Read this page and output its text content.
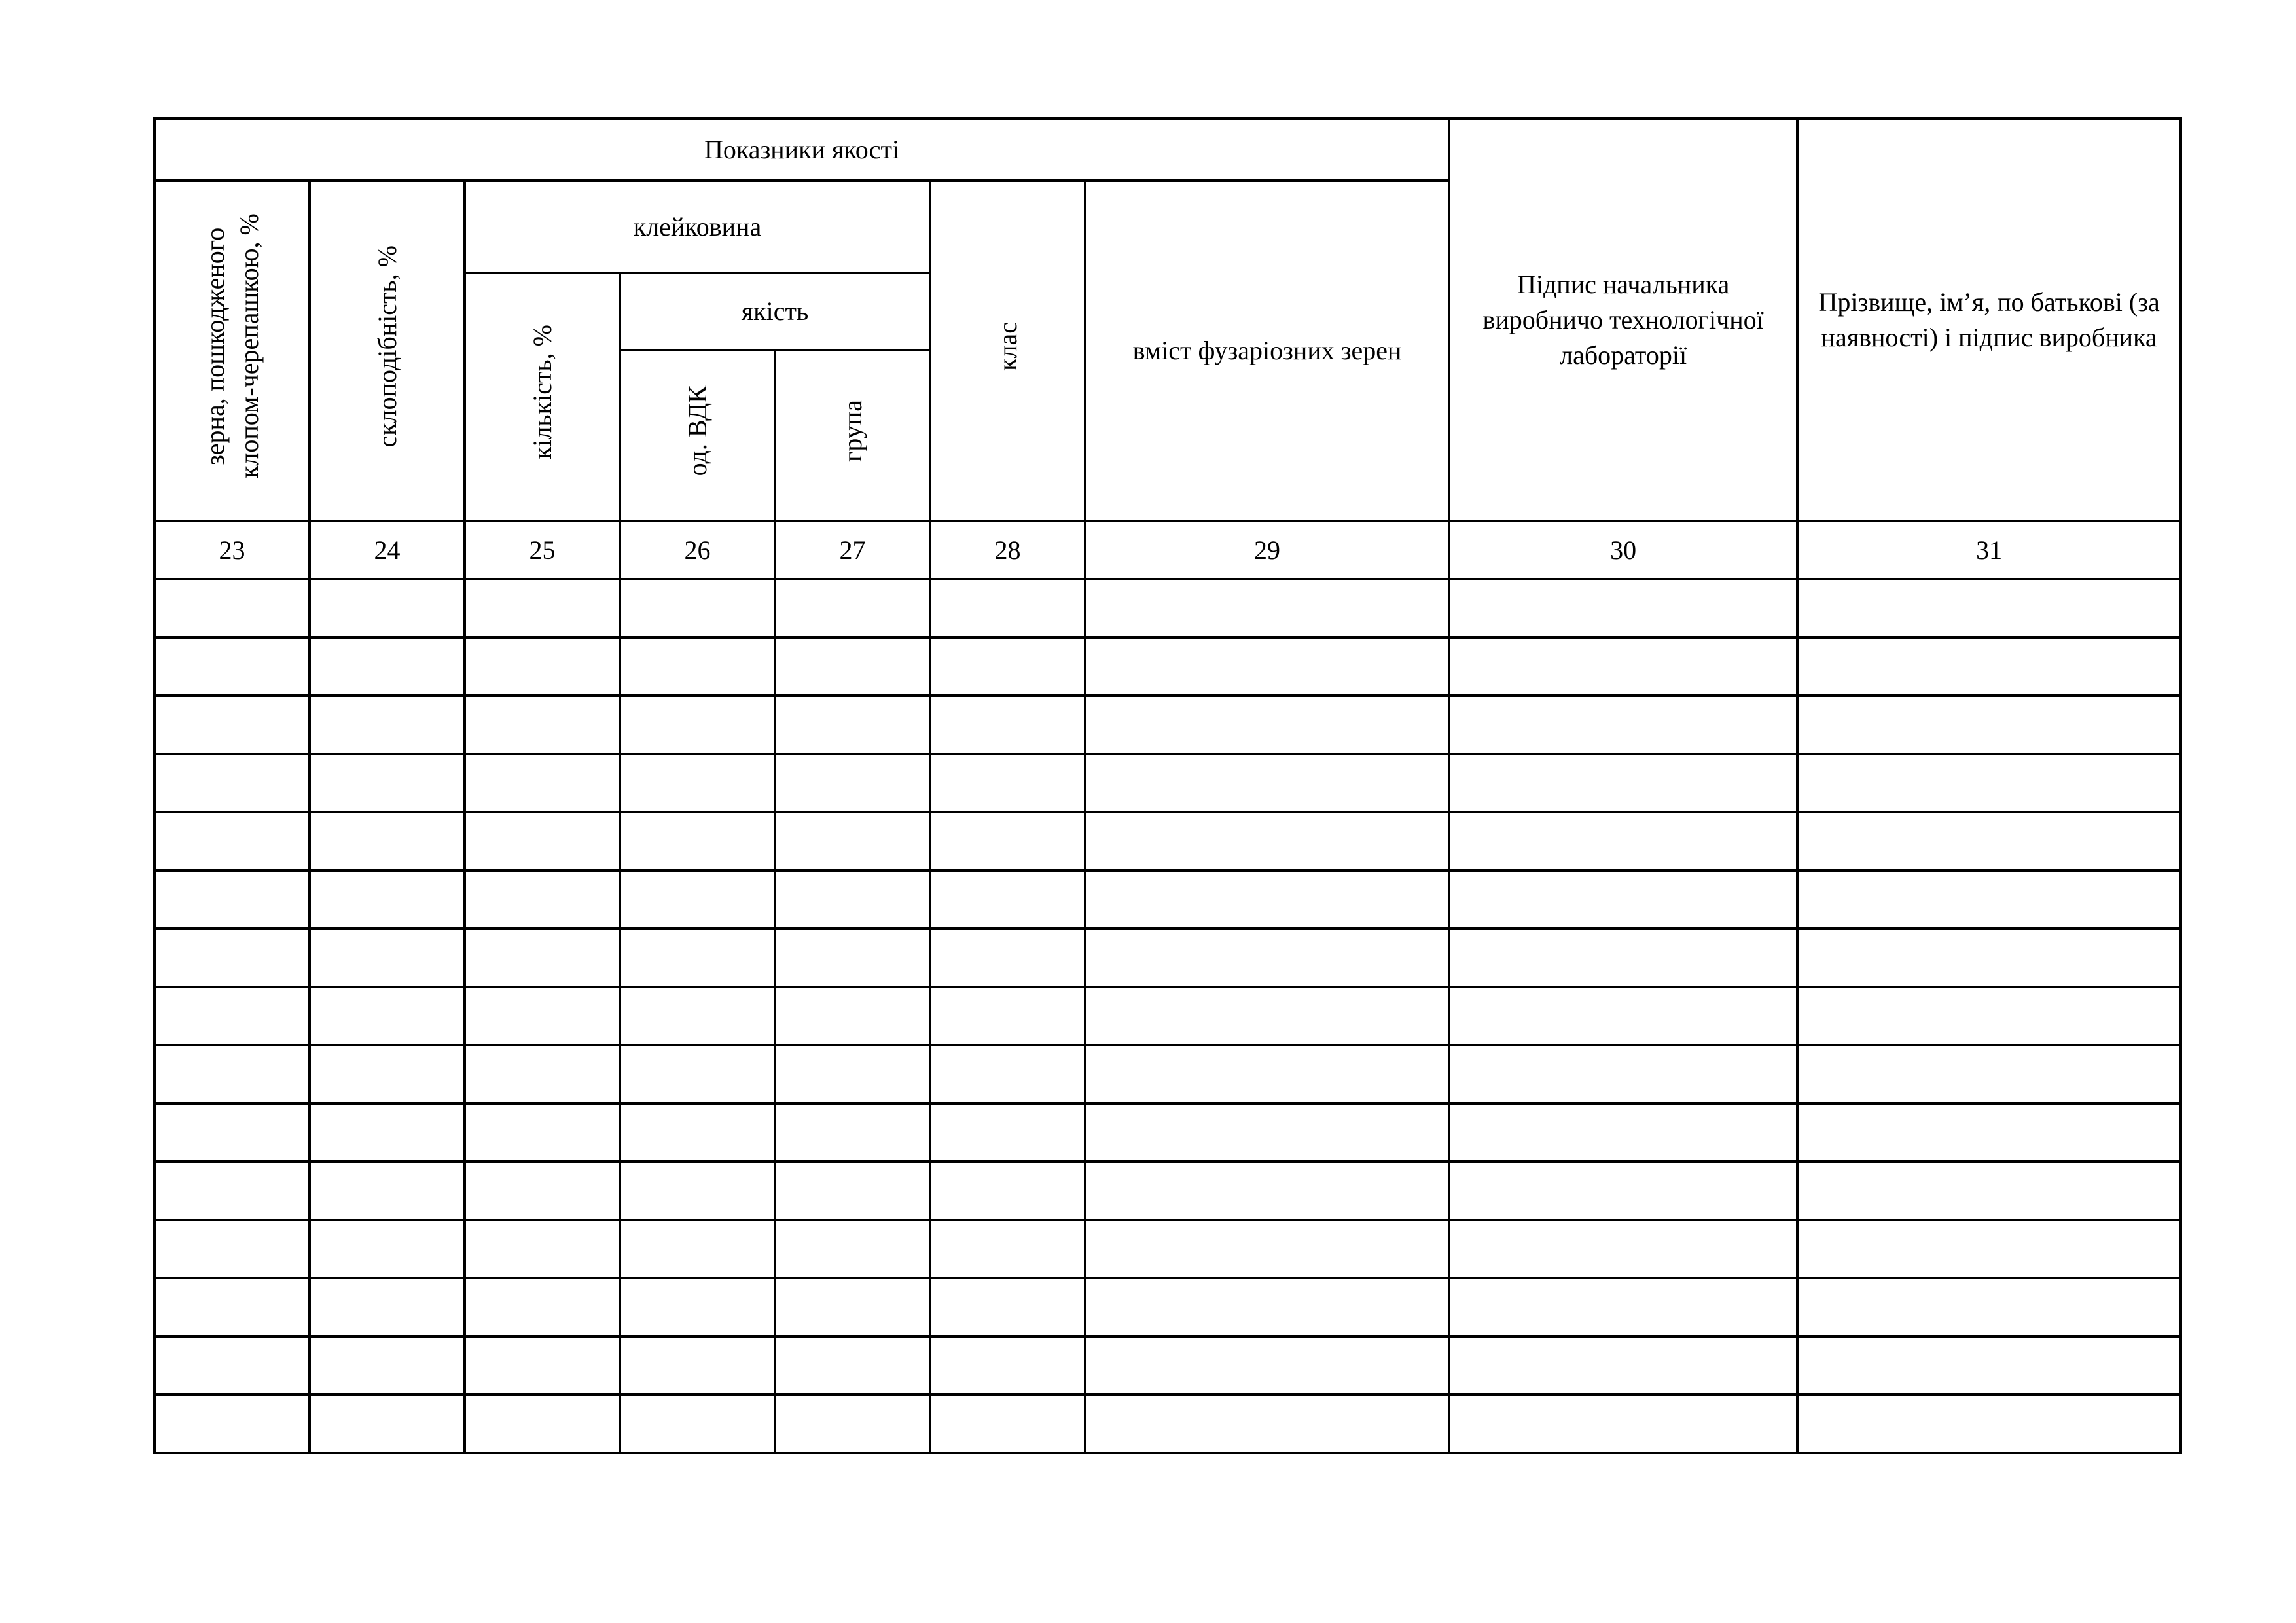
Показники якості							Підпис начальника виробничо технологічної лабораторії	Прізвище, ім’я, по батькові (за наявності) і підпис виробника

зерна, пошкодженого клопом-черепашкою, %	склоподібність, %	клейковина			клас	вміст фузаріозних зерен		
		кількість, %	якість					
			од. ВДК	група				
23	24	25	26	27	28	29	30	31
